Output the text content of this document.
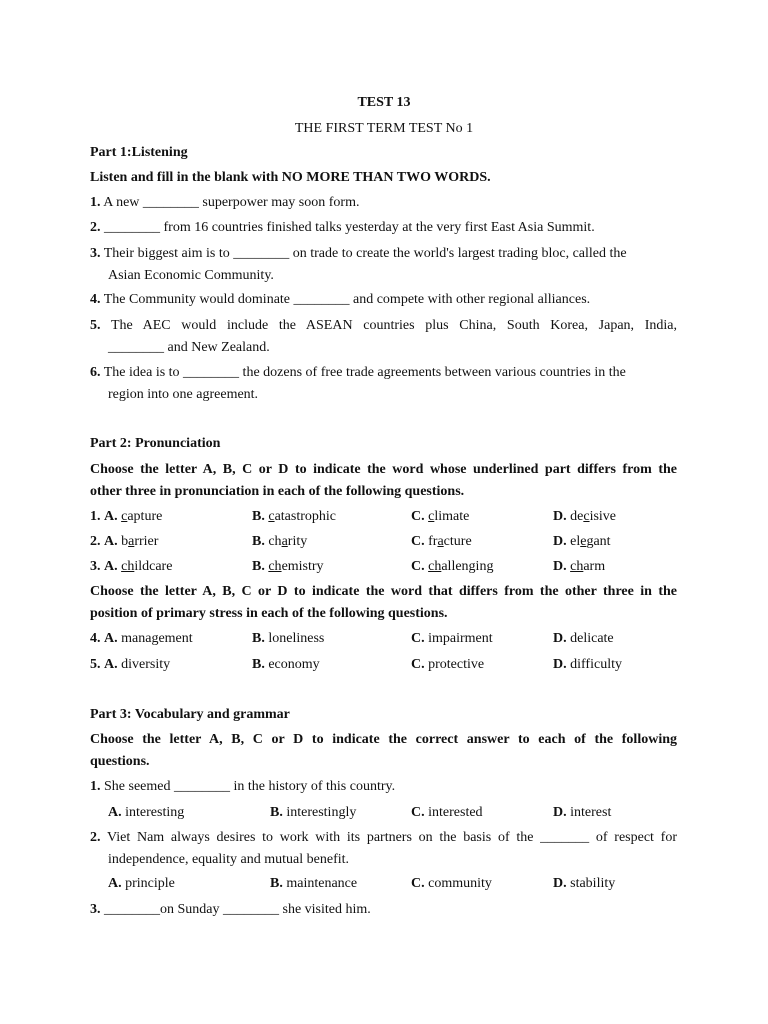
TEST 13
THE FIRST TERM TEST No 1
Part 1:Listening
Listen and fill in the blank with NO MORE THAN TWO WORDS.
1. A new ________ superpower may soon form.
2. ________ from 16 countries finished talks yesterday at the very first East Asia Summit.
3. Their biggest aim is to ________ on trade to create the world's largest trading bloc, called the
Asian Economic Community.
4. The Community would dominate ________ and compete with other regional alliances.
5. The AEC would include the ASEAN countries plus China, South Korea, Japan, India,
________ and New Zealand.
6. The idea is to ________ the dozens of free trade agreements between various countries in the
region into one agreement.
Part 2: Pronunciation
Choose the letter A, B, C or D to indicate the word whose underlined part differs from the
other three in pronunciation in each of the following questions.
1. A. capture	B. catastrophic	C. climate	D. decisive
2. A. barrier	B. charity	C. fracture	D. elegant
3. A. childcare	B. chemistry	C. challenging	D. charm
Choose the letter A, B, C or D to indicate the word that differs from the other three in the
position of primary stress in each of the following questions.
4. A. management	B. loneliness	C. impairment	D. delicate
5. A. diversity	B. economy	C. protective	D. difficulty
Part 3: Vocabulary and grammar
Choose the letter A, B, C or D to indicate the correct answer to each of the following
questions.
1. She seemed ________ in the history of this country.
A. interesting	B. interestingly	C. interested	D. interest
2. Viet Nam always desires to work with its partners on the basis of the _______ of respect for
independence, equality and mutual benefit.
A. principle	B. maintenance	C. community	D. stability
3. ________on Sunday ________ she visited him.
